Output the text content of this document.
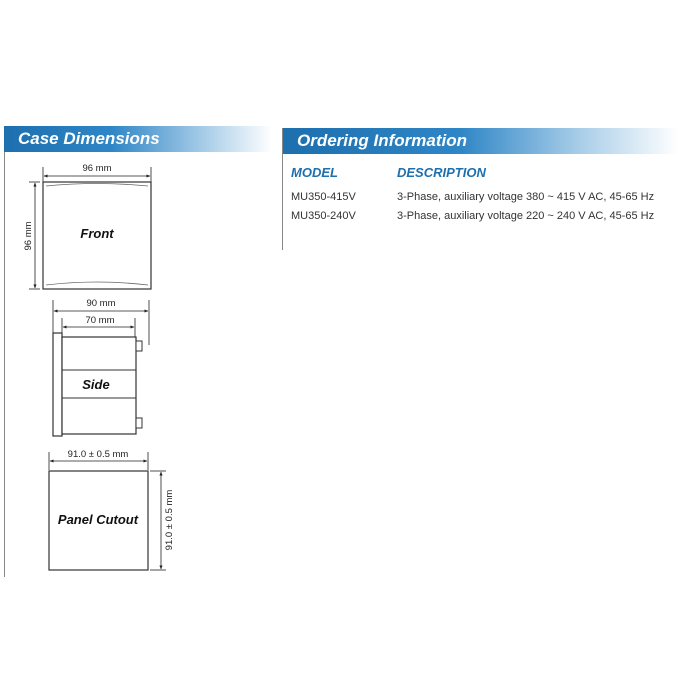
Case Dimensions	Ordering Information
MODEL	DESCRIPTION
MU350-415V	3-Phase, auxiliary voltage 380 ~ 415 V AC, 45-65 Hz
MU350-240V	3-Phase, auxiliary voltage 220 ~ 240 V AC, 45-65 Hz
96 mm
96 mm	Front
90 mm
70 mm
Side
91.0 ± 0.5 mm
91.0 ± 0.5 mm
Panel Cutout
